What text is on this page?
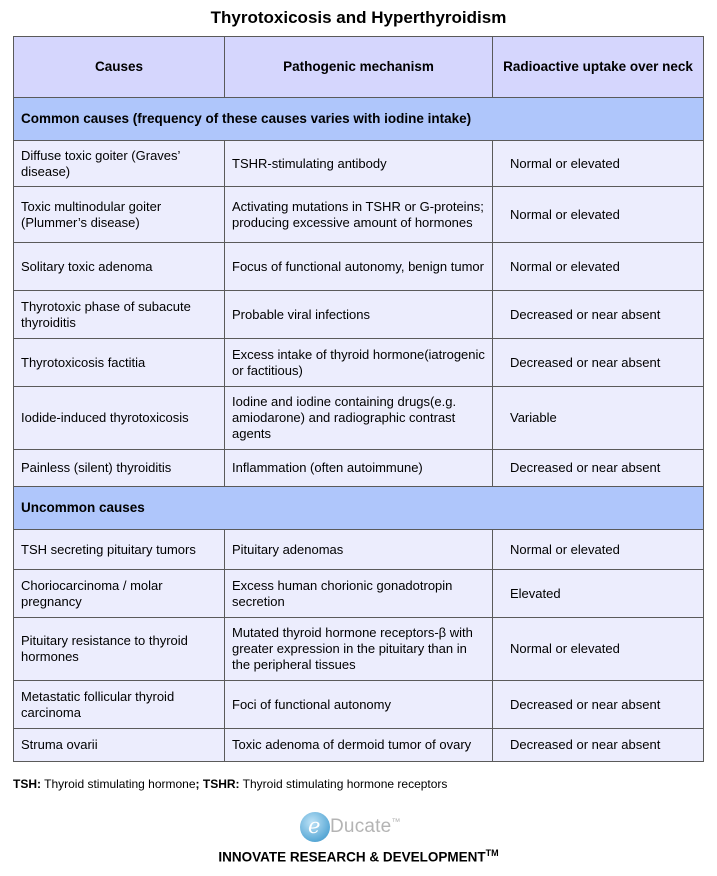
Thyrotoxicosis and Hyperthyroidism
Causes	Pathogenic mechanism	Radioactive uptake over neck
Common causes (frequency of these causes varies with iodine intake)		
Diffuse toxic goiter (Graves’ disease)	TSHR-stimulating antibody	Normal or elevated
Toxic multinodular goiter (Plummer’s disease)	Activating mutations in TSHR or G-proteins; producing excessive amount of hormones	Normal or elevated
Solitary toxic adenoma	Focus of functional autonomy, benign tumor	Normal or elevated
Thyrotoxic phase of subacute thyroiditis	Probable viral infections	Decreased or near absent
Thyrotoxicosis factitia	Excess intake of thyroid hormone(iatrogenic or factitious)	Decreased or near absent
Iodide-induced thyrotoxicosis	Iodine and iodine containing drugs(e.g. amiodarone) and radiographic contrast agents	Variable
Painless (silent) thyroiditis	Inflammation (often autoimmune)	Decreased or near absent
Uncommon causes		
TSH secreting pituitary tumors	Pituitary adenomas	Normal or elevated
Choriocarcinoma / molar pregnancy	Excess human chorionic gonadotropin secretion	Elevated
Pituitary resistance to thyroid hormones	Mutated thyroid hormone receptors-β with greater expression in the pituitary than in the peripheral tissues	Normal or elevated
Metastatic follicular thyroid carcinoma	Foci of functional autonomy	Decreased or near absent
Struma ovarii	Toxic adenoma of dermoid tumor of ovary	Decreased or near absent
TSH: Thyroid stimulating hormone; TSHR: Thyroid stimulating hormone receptors
e Ducate™
INNOVATE RESEARCH & DEVELOPMENT™
